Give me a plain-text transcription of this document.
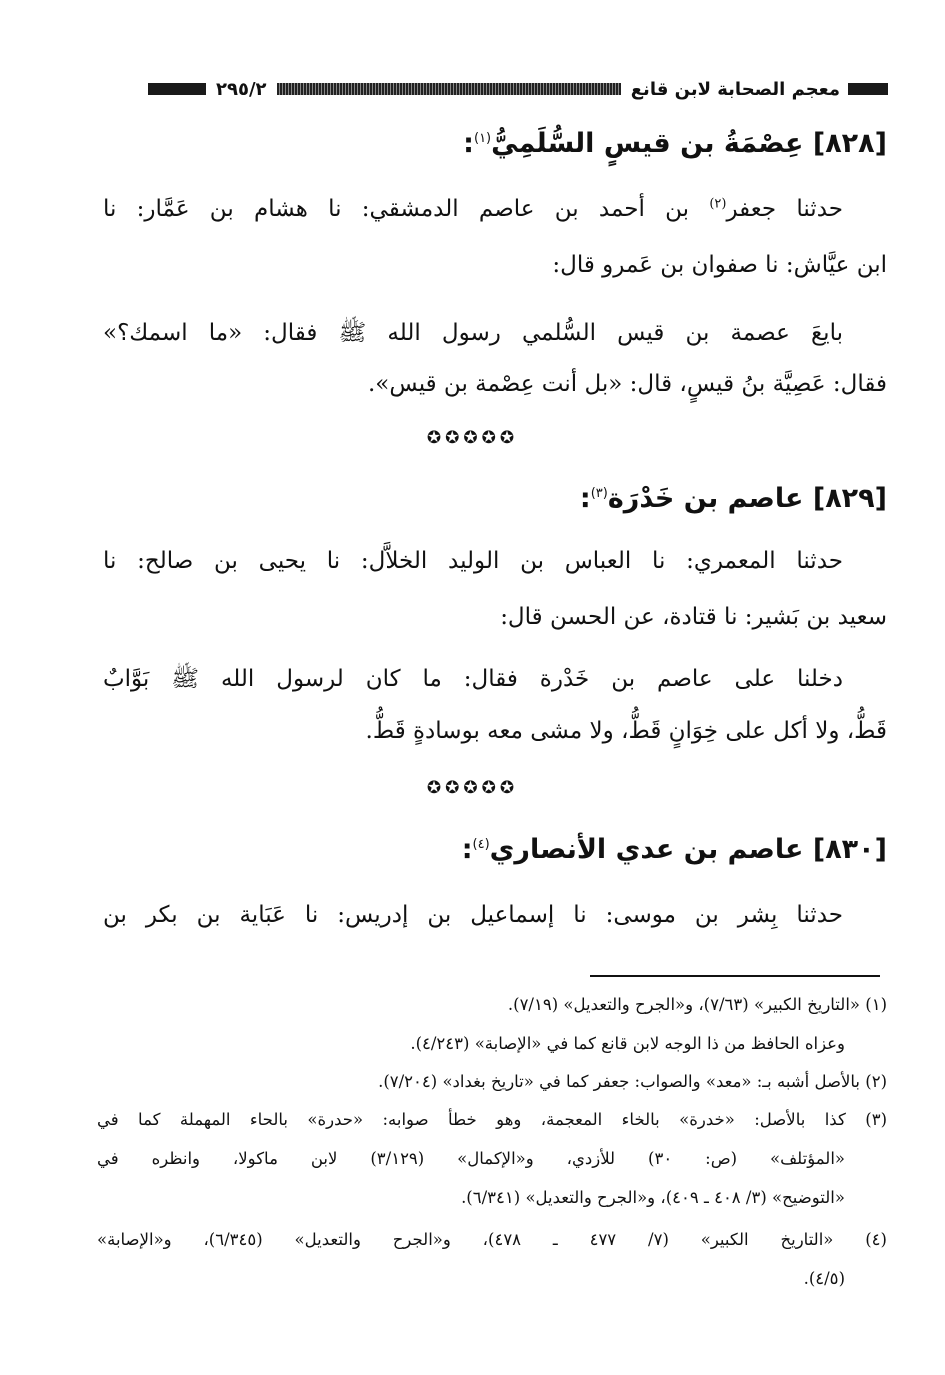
معجم الصحابة لابن قانع
٢٩٥/٢
[٨٢٨] عِصْمَةُ بن قيسٍ السُّلَمِيُّ$^{(١)}$:
حدثنا جعفر$^{(٢)}$ بن أحمد بن عاصم الدمشقي: نا هشام بن عَمَّار: نا
ابن عيَّاش: نا صفوان بن عَمرو قال:
بايعَ عصمة بن قيس السُّلمي رسول الله ﷺ فقال: «ما اسمك؟»
فقال: عَصِيَّة بنُ قيسٍ، قال: «بل أنت عِصْمة بن قيس».
✪✪✪✪✪
[٨٢٩] عاصم بن خَدْرَة$^{(٣)}$:
حدثنا المعمري: نا العباس بن الوليد الخلاَّل: نا يحيى بن صالح: نا
سعيد بن بَشير: نا قتادة، عن الحسن قال:
دخلنا على عاصم بن خَدْرة فقال: ما كان لرسول الله ﷺ بَوَّابٌ
قَطُّ، ولا أكل على خِوَانٍ قَطُّ، ولا مشى معه بوسادةٍ قَطُّ.
✪✪✪✪✪
[٨٣٠] عاصم بن عدي الأنصاري$^{(٤)}$:
حدثنا بِشر بن موسى: نا إسماعيل بن إدريس: نا عَبَاية بن بكر بن
(١) «التاريخ الكبير» (٧/٦٣)، و«الجرح والتعديل» (٧/١٩).
وعزاه الحافظ من ذا الوجه لابن قانع كما في «الإصابة» (٤/٢٤٣).
(٢) بالأصل أشبه بـ: «معد» والصواب: جعفر كما في «تاريخ بغداد» (٧/٢٠٤).
(٣) كذا بالأصل: «خدرة» بالخاء المعجمة، وهو خطأ صوابه: «حدرة» بالحاء المهملة كما في
«المؤتلف» (ص: ٣٠) للأزدي، و«الإكمال» (٣/١٢٩) لابن ماكولا، وانظره في
«التوضيح» (٣/ ٤٠٨ ـ ٤٠٩)، و«الجرح والتعديل» (٦/٣٤١).
(٤) «التاريخ الكبير» (٧/ ٤٧٧ ـ ٤٧٨)، و«الجرح والتعديل» (٦/٣٤٥)، و«الإصابة»
(٤/٥).
